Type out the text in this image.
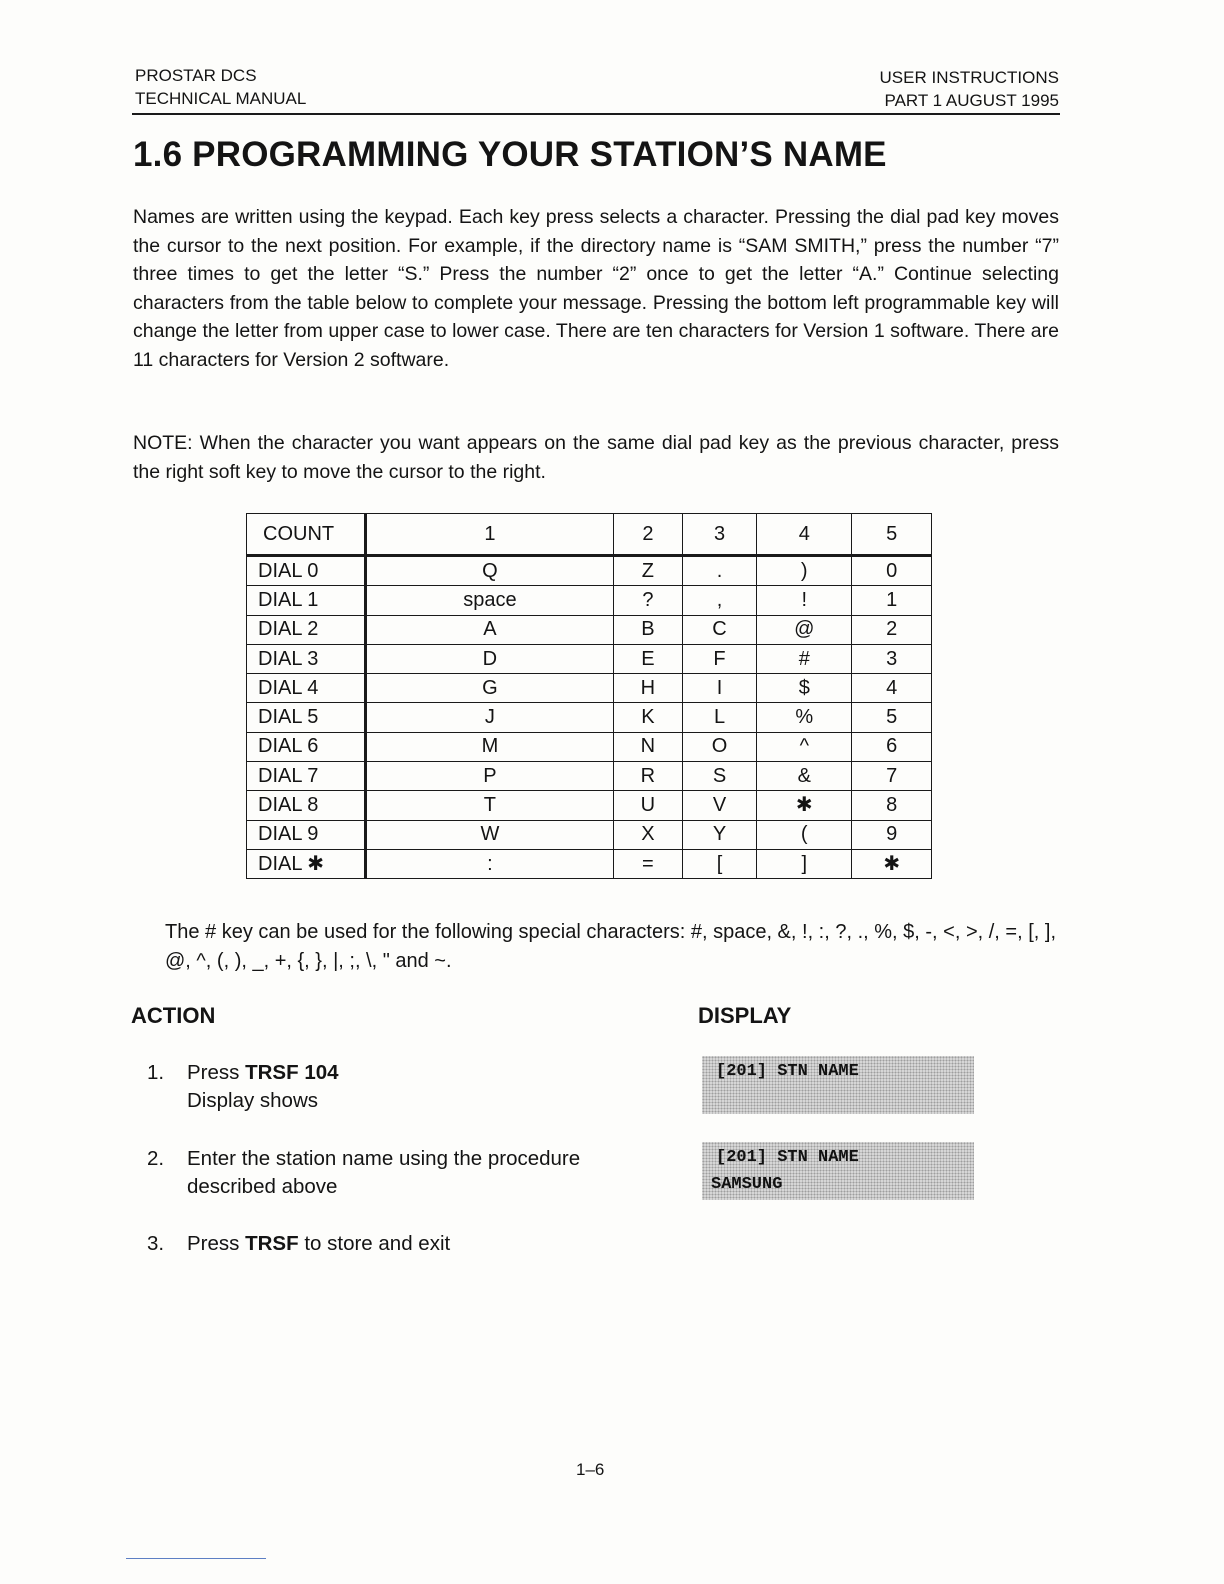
PROSTAR DCS
TECHNICAL MANUAL
USER INSTRUCTIONS
PART 1 AUGUST 1995
1.6 PROGRAMMING YOUR STATION’S NAME

Names are written using the keypad. Each key press selects a character. Pressing the dial pad key moves the cursor to the next position. For example, if the directory name is “SAM SMITH,” press the number “7” three times to get the letter “S.” Press the number “2” once to get the letter “A.” Continue selecting characters from the table below to complete your message. Pressing the bottom left programmable key will change the letter from upper case to lower case. There are ten characters for Version 1 software. There are 11 characters for Version 2 software.

NOTE: When the character you want appears on the same dial pad key as the previous character, press the right soft key to move the cursor to the right.

COUNT	1	2	3	4	5
DIAL 0	Q	Z	.	)	0
DIAL 1	space	?	,	!	1
DIAL 2	A	B	C	@	2
DIAL 3	D	E	F	#	3
DIAL 4	G	H	I	$	4
DIAL 5	J	K	L	%	5
DIAL 6	M	N	O	^	6
DIAL 7	P	R	S	&	7
DIAL 8	T	U	V	✱	8
DIAL 9	W	X	Y	(	9
DIAL ✱	:	=	[	]	✱

The # key can be used for the following special characters: #, space, &, !, :, ?, ., %, $, -, <, >, /, =, [, ], @, ^, (, ), _, +, {, }, |, ;, \, " and ~.

ACTION	DISPLAY
1. Press TRSF 104
Display shows
2. Enter the station name using the procedure
described above
3. Press TRSF to store and exit
[201] STN NAME
[201] STN NAME
SAMSUNG
1–6
